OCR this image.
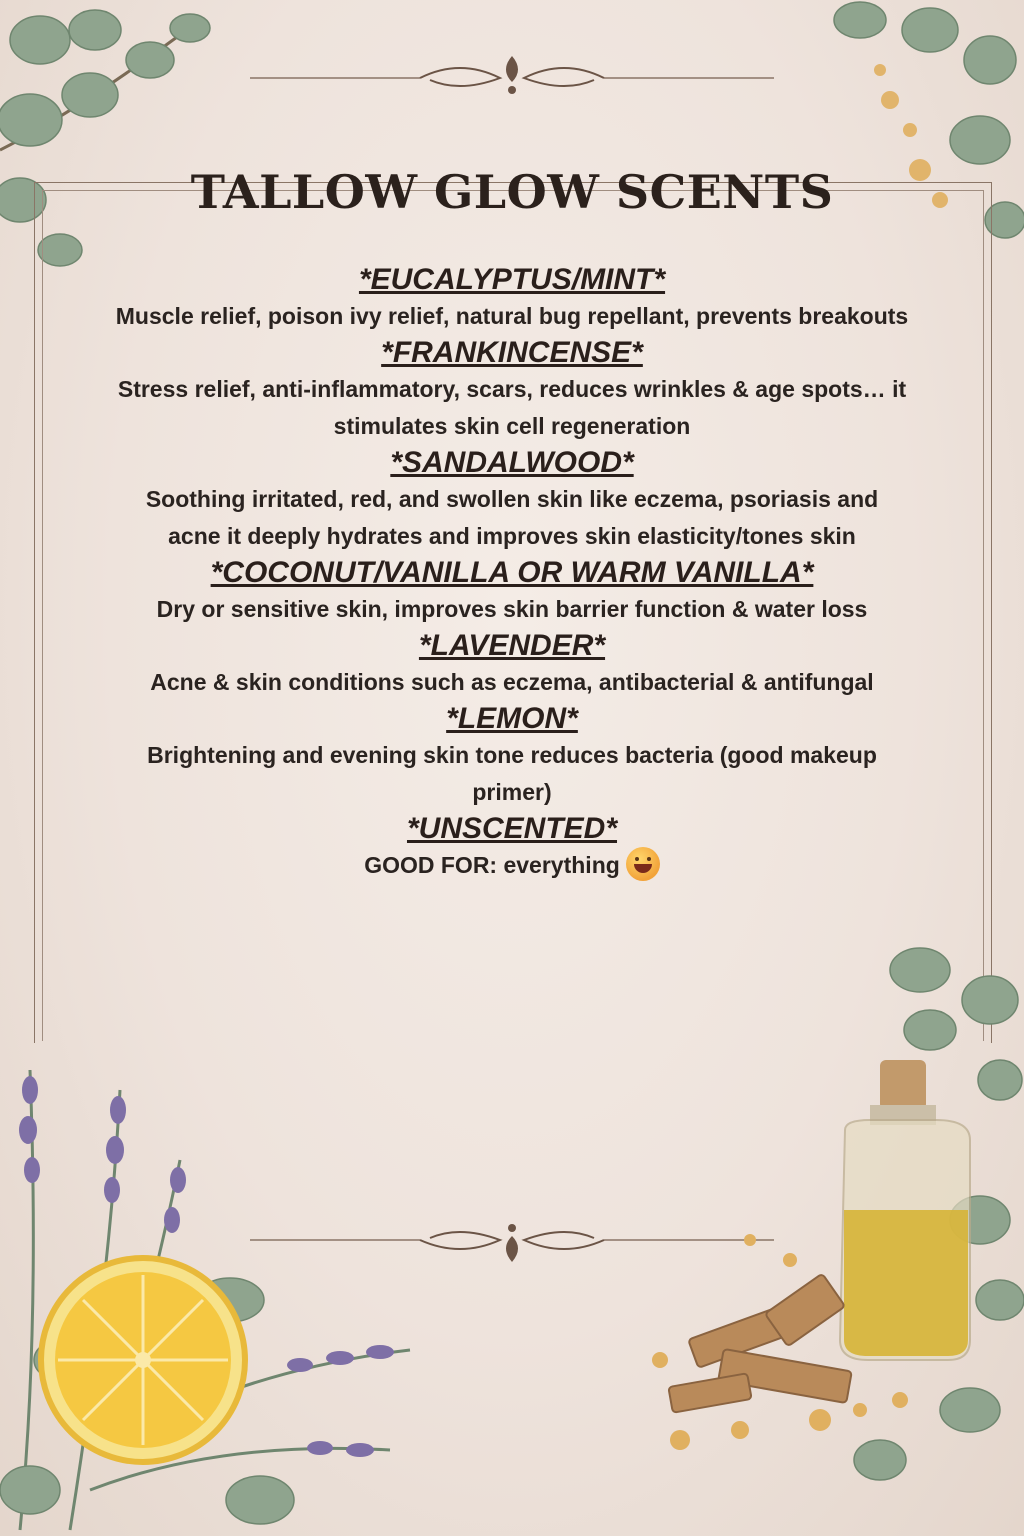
TALLOW GLOW SCENTS

*EUCALYPTUS/MINT*

Muscle relief, poison ivy relief, natural bug repellant, prevents breakouts

*FRANKINCENSE*

Stress relief, anti-inflammatory, scars, reduces wrinkles & age spots… it stimulates skin cell regeneration

*SANDALWOOD*

Soothing irritated, red, and swollen skin like eczema, psoriasis and acne it deeply hydrates and improves skin elasticity/tones skin

*COCONUT/VANILLA OR WARM VANILLA*

Dry or sensitive skin, improves skin barrier function & water loss

*LAVENDER*

Acne & skin conditions such as eczema, antibacterial & antifungal

*LEMON*

Brightening and evening skin tone reduces bacteria (good makeup primer)

*UNSCENTED*

GOOD FOR: everything
